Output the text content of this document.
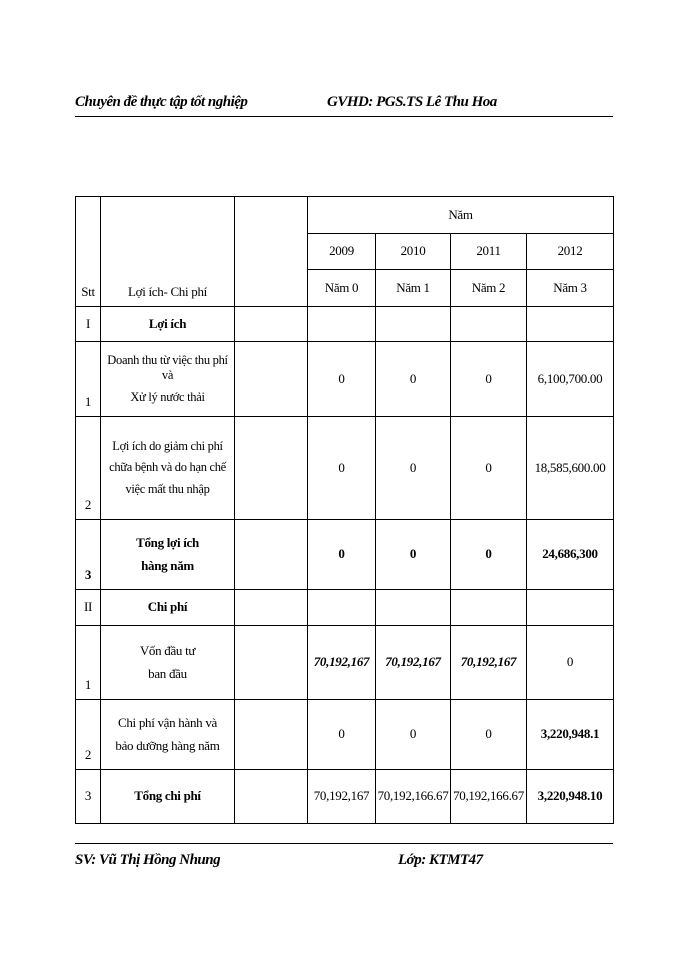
Chuyên đề thực tập tốt nghiệp	GVHD: PGS.TS Lê Thu Hoa
Stt	Lợi ích- Chi phí		Năm			
			2009	2010	2011	2012
			Năm 0	Năm 1	Năm 2	Năm 3
I	Lợi ích					

1	Doanh thu từ việc thu phí và
Xử lý nước thải		0	0	0	6,100,700.00
2	Lợi ích do giảm chi phí
chữa bệnh và do hạn chế
việc mất thu nhập		0	0	0	18,585,600.00
3	Tổng lợi ích
hàng năm		0	0	0	24,686,300
II	Chi phí					

1	Vốn đầu tư
ban đầu		70,192,167	70,192,167	70,192,167	0
2	Chi phí vận hành và
bảo dưỡng hàng năm		0	0	0	3,220,948.1
3	Tổng chi phí		70,192,167	70,192,166.67	70,192,166.67	3,220,948.10
SV: Vũ Thị Hồng Nhung	Lớp: KTMT47
